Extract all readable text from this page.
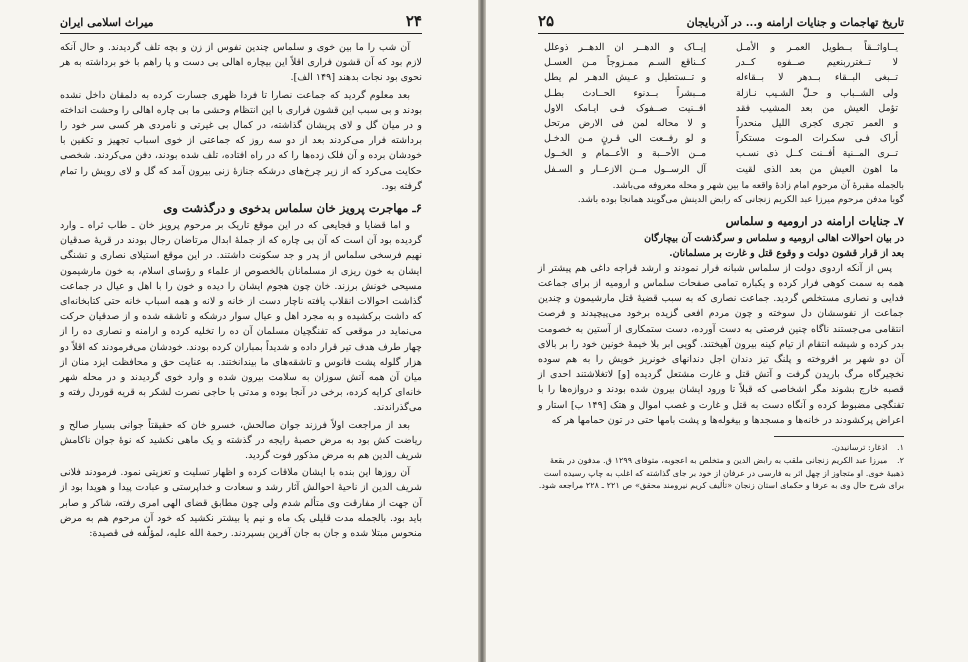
۲۴
میراث اسلامی ایران

آن شب را ما بین خوی و سلماس چندین نفوس از زن و بچه تلف گردیدند. و حال آنکه لازم بود که آن قشون فراری اقلاً این بیچاره اهالی بی دست و پا راهم با خو برداشته به هر نحوی بود نجات بدهند [۱۴۹ الف].

بعد معلوم گردید که جماعت نصارا تا فردا ظهری جسارت کرده به دلمقان داخل نشده بودند و بی سبب این قشون فراری با این انتظام وحشی ما بی چاره اهالی را وحشت انداخته و در میان گل و لای پریشان گذاشته، در کمال بی غیرتی و نامردی هر کسی سر خود را برداشته فرار می‌کردند بعد از دو سه روز که جماعتی از خوی اسباب تجهیز و تکفین با خودشان برده و آن فلک زده‌ها را که در راه افتاده، تلف شده بودند، دفن می‌کردند. شخصی حکایت می‌کرد که از زیر چرخ‌های درشکه جنازهٔ زنی بیرون آمد که گل و لای رویش را تمام گرفته بود.

۶ـ مهاجرت پرویز خان سلماس بدخوی و درگذشت وی

و اما قضایا و فجایعی که در این موقع تاریک بر مرحوم پرویز خان ـ طاب ثراه ـ وارد گردیده بود آن است که آن بی چاره که از جملهٔ ابدال مرتاضان رجال بودند در قریهٔ صدقیان نهیم فرسخی سلماس از پدر و جد سکونت داشتند. در این موقع استیلای نصاری و تشنگی ایشان به خون ریزی از مسلمانان بالخصوص از علماء و رؤسای اسلام، به خون مارشیمون مسیحی خونش برزند. خان چون هجوم ایشان را دیده و خون را با اهل و عیال در جماعت گذاشت احوالات انقلاب یافته ناچار دست از خانه و لانه و همه اسباب خانه حتی کتابخانه‌ای که داشت برکشیده و به مجرد اهل و عیال سوار درشکه و تاشقه شده و از صدقیان حرکت می‌نماید در موقعی که تفنگچیان مسلمان آن ده را تخلیه کرده و ارامنه و نصاری ده را از چهار طرف هدف تیر قرار داده و شدیداً بمباران کرده بودند. خودشان می‌فرمودند که اقلاً دو هزار گلوله پشت فانوس و تاشقه‌های ما بیندانختند. به عنایت حق و محافظت ایزد منان از میان آن همه آتش سوزان به سلامت بیرون شده و وارد خوی گردیدند و در محله شهر خانه‌ای کرایه کرده، برخی در آنجا بوده و مدتی با حاجی نصرت لشکر به قریه قوردل رفته و می‌گذراندند.

بعد از مراجعت اولاً فرزند جوان صالحش، خسرو خان که حقیقتاً جوانی بسیار صالح و ریاضت کش بود به مرض حصبهٔ رایجه در گذشته و یک ماهی نکشید که نوهٔ جوان ناکامش شریف الدین هم به مرض مذکور فوت گردید.

آن روزها این بنده با ایشان ملاقات کرده و اظهار تسلیت و تعزیتی نمود. فرمودند فلانی شریف الدین از ناحیهٔ احوالش آثار رشد و سعادت و خداپرستی و عبادت پیدا و هویدا بود از آن جهت از مفارقت وی متألم شدم ولی چون مطابق قضای الهی امری رفته، شاکر و صابر باید بود. بالجمله مدت قلیلی یک ماه و نیم یا بیشتر نکشید که خود آن مرحوم هم به مرض منحوس مبتلا شده و جان به جان آفرین بسپردند. رحمة الله علیه، لمؤلّفه فی قصیدة:

تاریخ تهاجمات و جنایات ارامنه و... در آذربایجان
۲۵
یــاواثــقاً بــطویل العمـر و الأمـل
إیــاک و الدهــر ان الدهــر ذوعلل
لا تــغترربنعیم صــفوه کــدر
کــناقع السـم ممـزوجاً مـن العسـل
تــبغی البــقاء بــدهر لا بــقاءله
و تــستطیل و عـیش الدهـر لم یطل
ولی الشــباب و حـلّ الشـیب نـازلة
مــبشراً بــدنوء الحــادث بطـل
تؤمل العیش من بعد المشیب فقد
افــنیت صــفوک فـی ایـامک الاول
و العمر تجری کجری اللیل منحدراً
و لا محاله لمن فی الارض مرتحل
أراک فـی سکـرات المـوت مستکراً
و لو رفــعت الی قـرنٍ مـن الدخـل
تــری المــنیة أفــنت کــل ذی نسـب
مــن الأحــبة و الأعــمام و الخــول
ما اهون العیش من بعد الذی لقیت
آل الرســول مــن الازعــار و السـفل

بالجمله مقبرهٔ آن مرحوم امام زادهٔ واقعه ما بین شهر و محله معروفه می‌باشد.

گویا مدفن مرحوم میرزا عبد الکریم زنجانی که رابض الدینش می‌گویند همانجا بوده باشد.

۷ـ جنایات ارامنه در ارومیه و سلماس

در بیان احوالات اهالی ارومیه و سلماس و سرگذشت آن بیچارگان

بعد از قرار قشون دولت و وقوع قتل و غارت بر مسلمانان.

پس از آنکه اردوی دولت از سلماس شبانه فرار نمودند و ارشد قراجه داغی هم پیشتر از همه به سمت کوهی فرار کرده و یکباره تمامی صفحات سلماس و ارومیه از برای جماعت فدایی و نصاری مستخلص گردید. جماعت نصاری که به سبب قضیهٔ قتل مارشیمون و چندین جماعت از نفوسشان دل سوخته و چون مردم افعی گزیده برخود می‌پیچیدند و فرصت انتقامی می‌جستند ناگاه چنین فرصتی به دست آورده، دست ستمکاری از آستین به خصومت بدر کرده و شیشه انتقام از تیام کینه بیرون آهیختند. گویی ابر بلا خیمهٔ خونین خود را بر بالای آن دو شهر بر افروخته و پلنگ تیز دندان اجل دندانهای خونریز خویش را به هم سوده نخچیرگاه مرگ باریدن گرفت و آتش قتل و غارت مشتعل گردیده [و] لاتغلاشتند احدی از قصبه خارج بشوند مگر اشخاصی که قبلاً تا ورود ایشان بیرون شده بودند و دروازه‌ها را با تفنگچی مضبوط کرده و آنگاه دست به قتل و غارت و غصب اموال و هتک [۱۴۹ ب] استار و اعراض پرکشودند در خانه‌ها و مسجدها و بیغوله‌ها و پشت بامها حتی در تون حمامها هر که

۱. اذغار: ترسانیدن.

۲. میرزا عبد الکریم زنجانی ملقب به رابض الدین و متخلص به اعجوبه، متوفای ۱۲۹۹ ق. مدفون در بقعهٔ ذهبیهٔ خوی. او متجاوز از چهل اثر به فارسی در عرفان از خود بر جای گذاشته که اغلب به چاپ رسیده است برای شرح حال وی به عرفا و حکمای استان زنجان «تألیف کریم نیرومند محقق» ص ۲۲۱ ـ ۲۲۸ مراجعه شود.
